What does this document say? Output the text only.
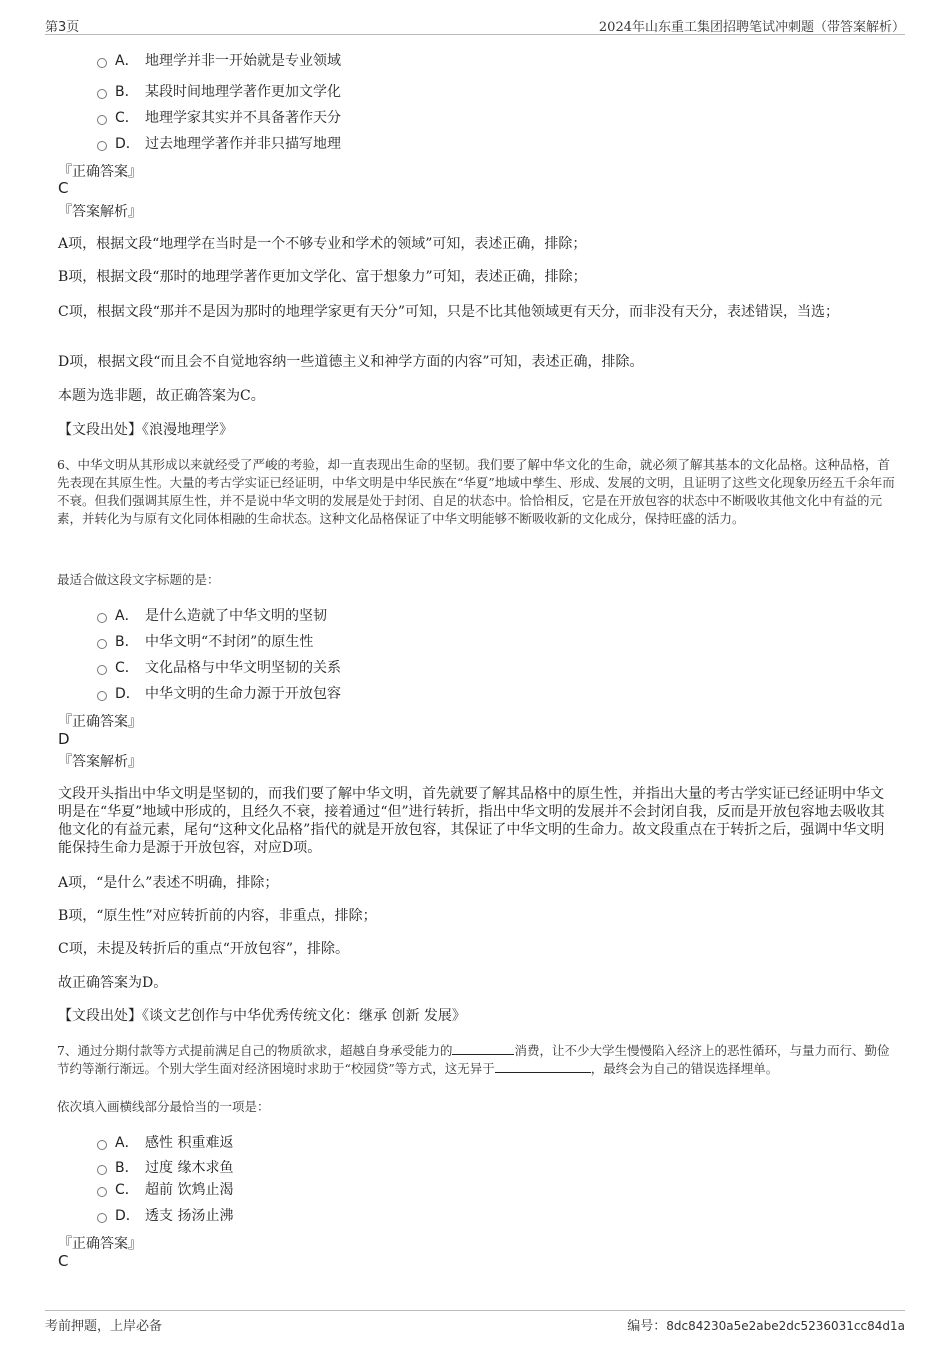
第3页	2024年山东重工集团招聘笔试冲刺题（带答案解析）
A． 地理学并非一开始就是专业领域
B． 某段时间地理学著作更加文学化
C． 地理学家其实并不具备著作天分
D． 过去地理学著作并非只描写地理
『正确答案』
C
『答案解析』
A项，根据文段“地理学在当时是一个不够专业和学术的领域”可知，表述正确，排除；
B项，根据文段“那时的地理学著作更加文学化、富于想象力”可知，表述正确，排除；
C项，根据文段“那并不是因为那时的地理学家更有天分”可知，只是不比其他领域更有天分，而非没有天分，表述错误，当选；
D项，根据文段“而且会不自觉地容纳一些道德主义和神学方面的内容”可知，表述正确，排除。
本题为选非题，故正确答案为C。
【文段出处】《浪漫地理学》
6、中华文明从其形成以来就经受了严峻的考验，却一直表现出生命的坚韧。我们要了解中华文化的生命，就必须了解其基本的文化品格。这种品格，首先表现在其原生性。大量的考古学实证已经证明，中华文明是中华民族在“华夏”地域中孳生、形成、发展的文明，且证明了这些文化现象历经五千余年而不衰。但我们强调其原生性，并不是说中华文明的发展是处于封闭、自足的状态中。恰恰相反，它是在开放包容的状态中不断吸收其他文化中有益的元素，并转化为与原有文化同体相融的生命状态。这种文化品格保证了中华文明能够不断吸收新的文化成分，保持旺盛的活力。
最适合做这段文字标题的是：
A． 是什么造就了中华文明的坚韧
B． 中华文明“不封闭”的原生性
C． 文化品格与中华文明坚韧的关系
D． 中华文明的生命力源于开放包容
『正确答案』
D
『答案解析』
文段开头指出中华文明是坚韧的，而我们要了解中华文明，首先就要了解其品格中的原生性，并指出大量的考古学实证已经证明中华文明是在“华夏”地域中形成的，且经久不衰，接着通过“但”进行转折，指出中华文明的发展并不会封闭自我，反而是开放包容地去吸收其他文化的有益元素，尾句“这种文化品格”指代的就是开放包容，其保证了中华文明的生命力。故文段重点在于转折之后，强调中华文明能保持生命力是源于开放包容，对应D项。
A项，“是什么”表述不明确，排除；
B项，“原生性”对应转折前的内容，非重点，排除；
C项，未提及转折后的重点“开放包容”，排除。
故正确答案为D。
【文段出处】《谈文艺创作与中华优秀传统文化：继承 创新 发展》
7、通过分期付款等方式提前满足自己的物质欲求，超越自身承受能力的	消费，让不少大学生慢慢陷入经济上的恶性循环，与量力而行、勤俭节约等渐行渐远。个别大学生面对经济困境时求助于“校园贷”等方式，这无异于	，最终会为自己的错误选择埋单。
依次填入画横线部分最恰当的一项是：
A． 感性 积重难返
B． 过度 缘木求鱼
C． 超前 饮鸩止渴
D． 透支 扬汤止沸
『正确答案』
C
考前押题，上岸必备	编号：8dc84230a5e2abe2dc5236031cc84d1a
